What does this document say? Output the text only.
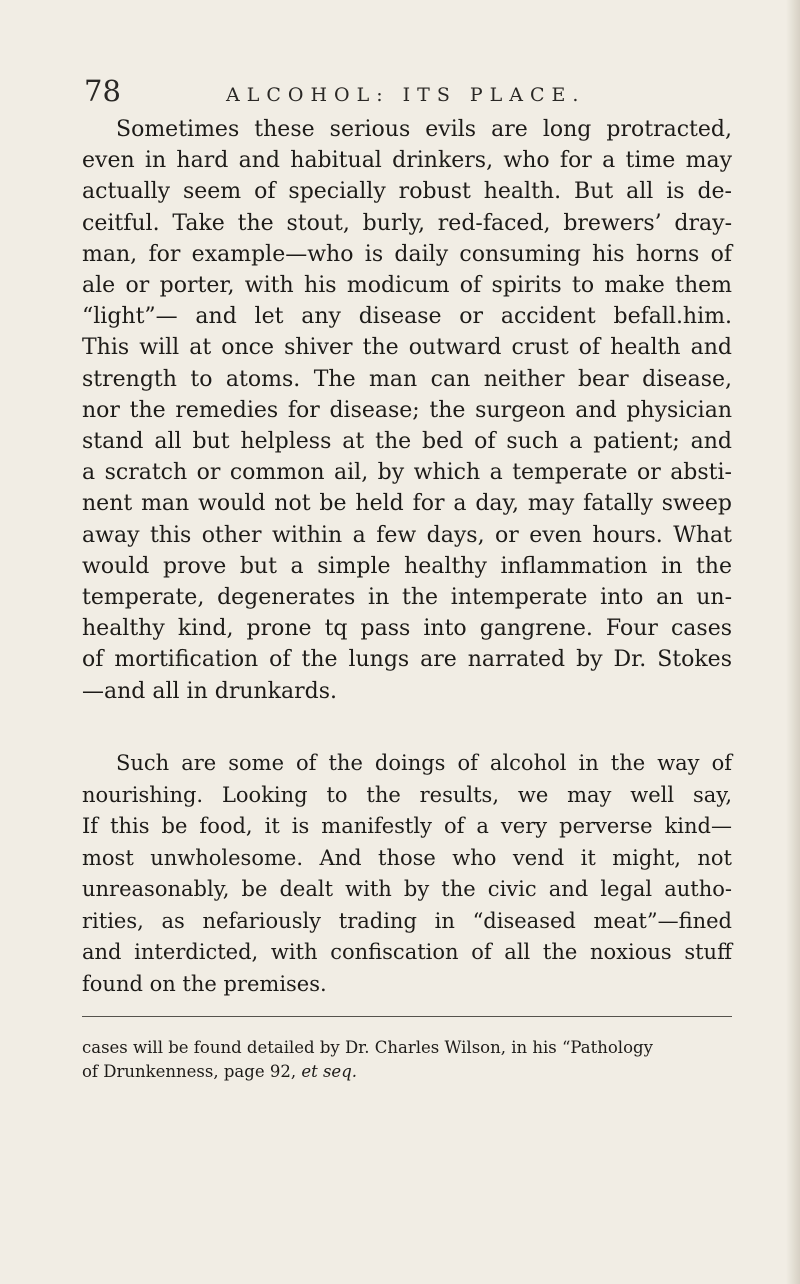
78	ALCOHOL: ITS PLACE.
Sometimes these serious evils are long protracted,
even in hard and habitual drinkers, who for a time may
actually seem of specially robust health. But all is de-
ceitful. Take the stout, burly, red-faced, brewers’ dray-
man, for example—who is daily consuming his horns of
ale or porter, with his modicum of spirits to make them
“light”— and let any disease or accident befall.him.
This will at once shiver the outward crust of health and
strength to atoms. The man can neither bear disease,
nor the remedies for disease; the surgeon and physician
stand all but helpless at the bed of such a patient; and
a scratch or common ail, by which a temperate or absti-
nent man would not be held for a day, may fatally sweep
away this other within a few days, or even hours. What
would prove but a simple healthy inflammation in the
temperate, degenerates in the intemperate into an un-
healthy kind, prone tq pass into gangrene. Four cases
of mortification of the lungs are narrated by Dr. Stokes
—and all in drunkards.
Such are some of the doings of alcohol in the way of
nourishing. Looking to the results, we may well say,
If this be food, it is manifestly of a very perverse kind—
most unwholesome. And those who vend it might, not
unreasonably, be dealt with by the civic and legal autho-
rities, as nefariously trading in “diseased meat”—fined
and interdicted, with confiscation of all the noxious stuff
found on the premises.
cases will be found detailed by Dr. Charles Wilson, in his “Pathology
of Drunkenness, page 92, et seq.
